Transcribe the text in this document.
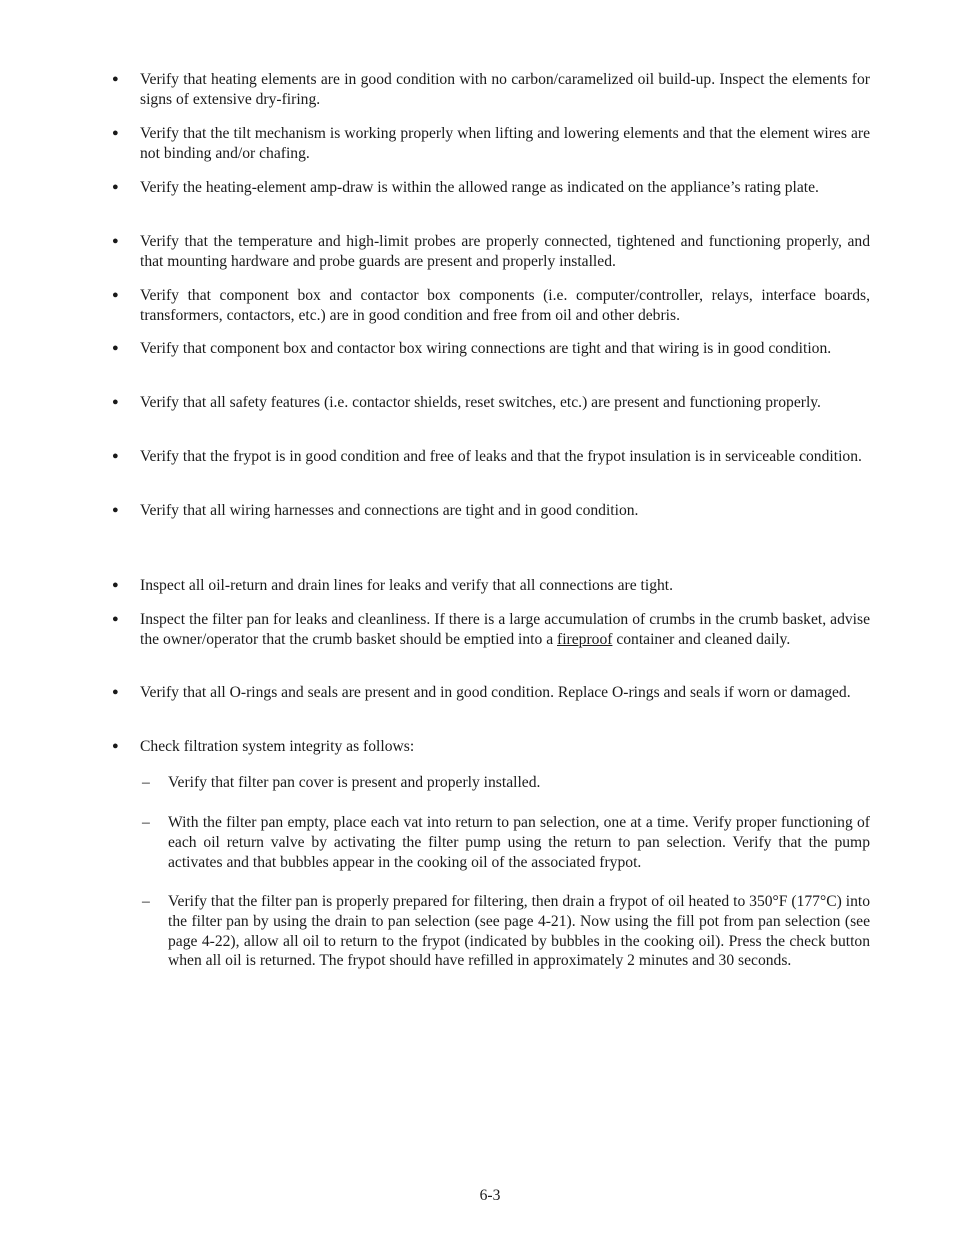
● Verify that heating elements are in good condition with no carbon/caramelized oil build-up. Inspect the elements for signs of extensive dry-firing.
● Verify that the tilt mechanism is working properly when lifting and lowering elements and that the element wires are not binding and/or chafing.
● Verify the heating-element amp-draw is within the allowed range as indicated on the appliance’s rating plate.
● Verify that the temperature and high-limit probes are properly connected, tightened and functioning properly, and that mounting hardware and probe guards are present and properly installed.
● Verify that component box and contactor box components (i.e. computer/controller, relays, interface boards, transformers, contactors, etc.) are in good condition and free from oil and other debris.
● Verify that component box and contactor box wiring connections are tight and that wiring is in good condition.
● Verify that all safety features (i.e. contactor shields, reset switches, etc.) are present and functioning properly.
● Verify that the frypot is in good condition and free of leaks and that the frypot insulation is in serviceable condition.
● Verify that all wiring harnesses and connections are tight and in good condition.
● Inspect all oil-return and drain lines for leaks and verify that all connections are tight.
● Inspect the filter pan for leaks and cleanliness. If there is a large accumulation of crumbs in the crumb basket, advise the owner/operator that the crumb basket should be emptied into a fireproof container and cleaned daily.
● Verify that all O-rings and seals are present and in good condition. Replace O-rings and seals if worn or damaged.
● Check filtration system integrity as follows:
– Verify that filter pan cover is present and properly installed.
– With the filter pan empty, place each vat into return to pan selection, one at a time. Verify proper functioning of each oil return valve by activating the filter pump using the return to pan selection. Verify that the pump activates and that bubbles appear in the cooking oil of the associated frypot.
– Verify that the filter pan is properly prepared for filtering, then drain a frypot of oil heated to 350°F (177°C) into the filter pan by using the drain to pan selection (see page 4-21). Now using the fill pot from pan selection (see page 4-22), allow all oil to return to the frypot (indicated by bubbles in the cooking oil). Press the check button when all oil is returned. The frypot should have refilled in approximately 2 minutes and 30 seconds.
6-3
